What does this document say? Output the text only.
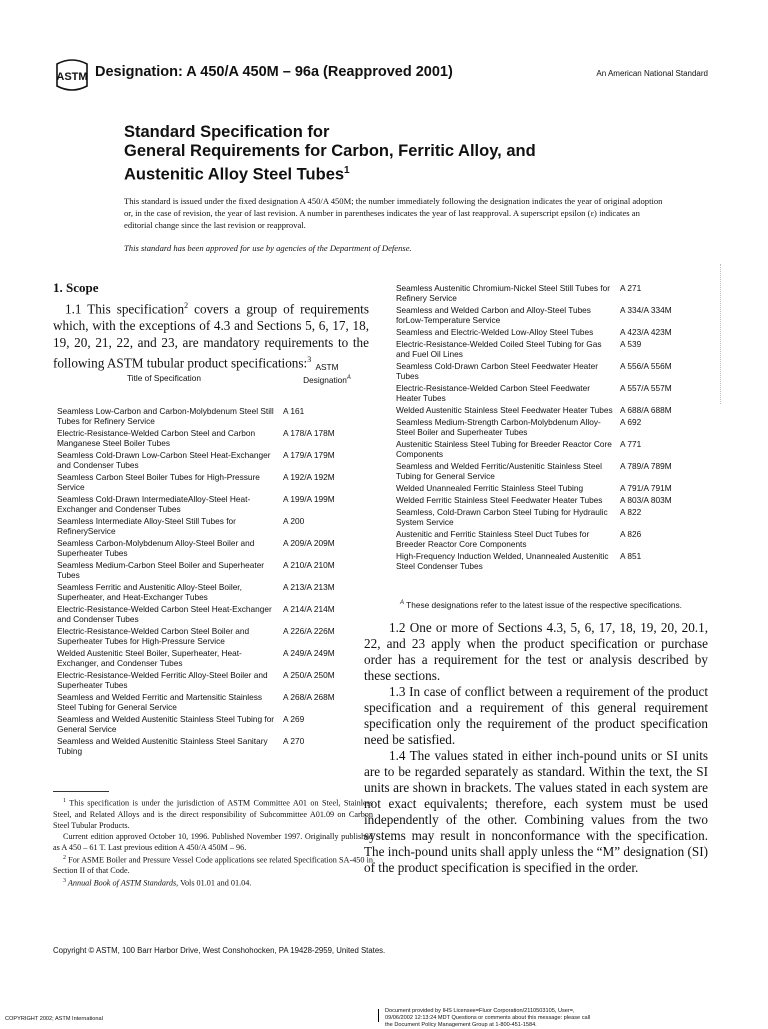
ASTM Designation: A 450/A 450M – 96a (Reapproved 2001)	An American National Standard
Standard Specification for
General Requirements for Carbon, Ferritic Alloy, and
Austenitic Alloy Steel Tubes$^1$
This standard is issued under the fixed designation A 450/A 450M; the number immediately following the designation indicates the year of original adoption or, in the case of revision, the year of last revision. A number in parentheses indicates the year of last reapproval. A superscript epsilon (ε) indicates an editorial change since the last revision or reapproval.
This standard has been approved for use by agencies of the Department of Defense.
1. Scope
1.1 This specification$^2$ covers a group of requirements which, with the exceptions of 4.3 and Sections 5, 6, 17, 18, 19, 20, 21, 22, and 23, are mandatory requirements to the following ASTM tubular product specifications:$^3$
Title of Specification
ASTM
Designation$^A$
Seamless Low-Carbon and Carbon-Molybdenum Steel Still Tubes for Refinery Service
A 161
Electric-Resistance-Welded Carbon Steel and Carbon Manganese Steel Boiler Tubes
A 178/A 178M
Seamless Cold-Drawn Low-Carbon Steel Heat-Exchanger and Condenser Tubes
A 179/A 179M
Seamless Carbon Steel Boiler Tubes for High-Pressure Service
A 192/A 192M
Seamless Cold-Drawn IntermediateAlloy-Steel Heat-Exchanger and Condenser Tubes
A 199/A 199M
Seamless Intermediate Alloy-Steel Still Tubes for RefineryService
A 200
Seamless Carbon-Molybdenum Alloy-Steel Boiler and Superheater Tubes
A 209/A 209M
Seamless Medium-Carbon Steel Boiler and Superheater Tubes
A 210/A 210M
Seamless Ferritic and Austenitic Alloy-Steel Boiler, Superheater, and Heat-Exchanger Tubes
A 213/A 213M
Electric-Resistance-Welded Carbon Steel Heat-Exchanger and Condenser Tubes
A 214/A 214M
Electric-Resistance-Welded Carbon Steel Boiler and Superheater Tubes for High-Pressure Service
A 226/A 226M
Welded Austenitic Steel Boiler, Superheater, Heat-Exchanger, and Condenser Tubes
A 249/A 249M
Electric-Resistance-Welded Ferritic Alloy-Steel Boiler and Superheater Tubes
A 250/A 250M
Seamless and Welded Ferritic and Martensitic Stainless Steel Tubing for General Service
A 268/A 268M
Seamless and Welded Austenitic Stainless Steel Tubing for General Service
A 269
Seamless and Welded Austenitic Stainless Steel Sanitary Tubing
A 270
Seamless Austenitic Chromium-Nickel Steel Still Tubes for Refinery Service
A 271
Seamless and Welded Carbon and Alloy-Steel Tubes forLow-Temperature Service
A 334/A 334M
Seamless and Electric-Welded Low-Alloy Steel Tubes	A 423/A 423M
Electric-Resistance-Welded Coiled Steel Tubing for Gas and Fuel Oil Lines
A 539
Seamless Cold-Drawn Carbon Steel Feedwater Heater Tubes
A 556/A 556M
Electric-Resistance-Welded Carbon Steel Feedwater Heater Tubes
A 557/A 557M
Welded Austenitic Stainless Steel Feedwater Heater Tubes A 688/A 688M
Seamless Medium-Strength Carbon-Molybdenum Alloy-Steel Boiler and Superheater Tubes
A 692
Austenitic Stainless Steel Tubing for Breeder Reactor Core Components
A 771
Seamless and Welded Ferritic/Austenitic Stainless Steel Tubing for General Service
A 789/A 789M
Welded Unannealed Ferritic Stainless Steel Tubing	A 791/A 791M
Welded Ferritic Stainless Steel Feedwater Heater Tubes	A 803/A 803M
Seamless, Cold-Drawn Carbon Steel Tubing for Hydraulic System Service
A 822
Austenitic and Ferritic Stainless Steel Duct Tubes for Breeder Reactor Core Components
A 826
High-Frequency Induction Welded, Unannealed Austenitic Steel Condenser Tubes
A 851
$^A$ These designations refer to the latest issue of the respective specifications.

1.2 One or more of Sections 4.3, 5, 6, 17, 18, 19, 20, 20.1, 22, and 23 apply when the product specification or purchase order has a requirement for the test or analysis described by these sections.

1.3 In case of conflict between a requirement of the product specification and a requirement of this general requirement specification only the requirement of the product specification need be satisfied.

1.4 The values stated in either inch-pound units or SI units are to be regarded separately as standard. Within the text, the SI units are shown in brackets. The values stated in each system are not exact equivalents; therefore, each system must be used independently of the other. Combining values from the two systems may result in nonconformance with the specification. The inch-pound units shall apply unless the “M” designation (SI) of the product specification is specified in the order.

$^1$ This specification is under the jurisdiction of ASTM Committee A01 on Steel, Stainless Steel, and Related Alloys and is the direct responsibility of Subcommittee A01.09 on Carbon Steel Tubular Products.

Current edition approved October 10, 1996. Published November 1997. Originally published as A 450 – 61 T. Last previous edition A 450/A 450M – 96.

$^2$ For ASME Boiler and Pressure Vessel Code applications see related Specification SA-450 in Section II of that Code.

$^3$ Annual Book of ASTM Standards, Vols 01.01 and 01.04.

Copyright © ASTM, 100 Barr Harbor Drive, West Conshohocken, PA 19428-2959, United States.
COPYRIGHT 2002; ASTM International
Document provided by IHS Licensee=Fluor Corporation/2110503105, User=,
09/06/2002 12:13:24 MDT Questions or comments about this message: please call
the Document Policy Management Group at 1-800-451-1584.
